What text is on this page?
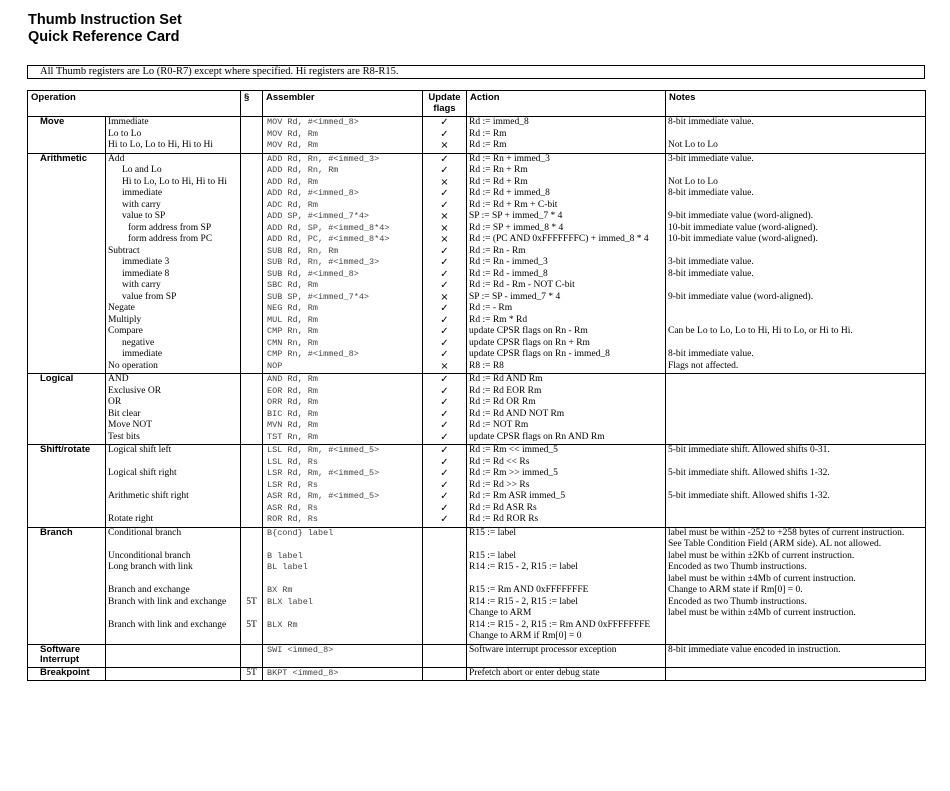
Thumb Instruction Set
Quick Reference Card
All Thumb registers are Lo (R0-R7) except where specified. Hi registers are R8-R15.
Operation		§	Assembler	Update flags	Action	Notes
Move	Immediate		MOV Rd, #<immed_8>	✓	Rd := immed_8	8-bit immediate value.
	Lo to Lo		MOV Rd, Rm	✓	Rd := Rm	
	Hi to Lo, Lo to Hi, Hi to Hi		MOV Rd, Rm	×	Rd := Rm	Not Lo to Lo
Arithmetic	Add		ADD Rd, Rn, #<immed_3>	✓	Rd := Rn + immed_3	3-bit immediate value.
	Lo and Lo		ADD Rd, Rn, Rm	✓	Rd := Rn + Rm	
	Hi to Lo, Lo to Hi, Hi to Hi		ADD Rd, Rm	×	Rd := Rd + Rm	Not Lo to Lo
	immediate		ADD Rd, #<immed_8>	✓	Rd := Rd + immed_8	8-bit immediate value.
	with carry		ADC Rd, Rm	✓	Rd := Rd + Rm + C-bit	
	value to SP		ADD SP, #<immed_7*4>	×	SP := SP + immed_7 * 4	9-bit immediate value (word-aligned).
	form address from SP		ADD Rd, SP, #<immed_8*4>	×	Rd := SP + immed_8 * 4	10-bit immediate value (word-aligned).
	form address from PC		ADD Rd, PC, #<immed_8*4>	×	Rd := (PC AND 0xFFFFFFFC) + immed_8 * 4	10-bit immediate value (word-aligned).
	Subtract		SUB Rd, Rn, Rm	✓	Rd := Rn - Rm	
	immediate 3		SUB Rd, Rn, #<immed_3>	✓	Rd := Rn - immed_3	3-bit immediate value.
	immediate 8		SUB Rd, #<immed_8>	✓	Rd := Rd - immed_8	8-bit immediate value.
	with carry		SBC Rd, Rm	✓	Rd := Rd - Rm - NOT C-bit	
	value from SP		SUB SP, #<immed_7*4>	×	SP := SP - immed_7 * 4	9-bit immediate value (word-aligned).
	Negate		NEG Rd, Rm	✓	Rd := - Rm	
	Multiply		MUL Rd, Rm	✓	Rd := Rm * Rd	
	Compare		CMP Rn, Rm	✓	update CPSR flags on Rn - Rm	Can be Lo to Lo, Lo to Hi, Hi to Lo, or Hi to Hi.
	negative		CMN Rn, Rm	✓	update CPSR flags on Rn + Rm	
	immediate		CMP Rn, #<immed_8>	✓	update CPSR flags on Rn - immed_8	8-bit immediate value.
	No operation		NOP	×	R8 := R8	Flags not affected.
Logical	AND		AND Rd, Rm	✓	Rd := Rd AND Rm	
	Exclusive OR		EOR Rd, Rm	✓	Rd := Rd EOR Rm	
	OR		ORR Rd, Rm	✓	Rd := Rd OR Rm	
	Bit clear		BIC Rd, Rm	✓	Rd := Rd AND NOT Rm	
	Move NOT		MVN Rd, Rm	✓	Rd := NOT Rm	
	Test bits		TST Rn, Rm	✓	update CPSR flags on Rn AND Rm	
Shift/rotate	Logical shift left		LSL Rd, Rm, #<immed_5>	✓	Rd := Rm << immed_5	5-bit immediate shift. Allowed shifts 0-31.
			LSL Rd, Rs	✓	Rd := Rd << Rs	
	Logical shift right		LSR Rd, Rm, #<immed_5>	✓	Rd := Rm >> immed_5	5-bit immediate shift. Allowed shifts 1-32.
			LSR Rd, Rs	✓	Rd := Rd >> Rs	
	Arithmetic shift right		ASR Rd, Rm, #<immed_5>	✓	Rd := Rm ASR immed_5	5-bit immediate shift. Allowed shifts 1-32.
			ASR Rd, Rs	✓	Rd := Rd ASR Rs	
	Rotate right		ROR Rd, Rs	✓	Rd := Rd ROR Rs	
Branch	Conditional branch		B{cond} label		R15 := label	label must be within -252 to +258 bytes of current instruction.
						See Table Condition Field (ARM side). AL not allowed.
	Unconditional branch		B label		R15 := label	label must be within ±2Kb of current instruction.
	Long branch with link		BL label		R14 := R15 - 2, R15 := label	Encoded as two Thumb instructions.
						label must be within ±4Mb of current instruction.
	Branch and exchange		BX Rm		R15 := Rm AND 0xFFFFFFFE	Change to ARM state if Rm[0] = 0.
	Branch with link and exchange	5T	BLX label		R14 := R15 - 2, R15 := label	Encoded as two Thumb instructions.
					Change to ARM	label must be within ±4Mb of current instruction.
	Branch with link and exchange	5T	BLX Rm		R14 := R15 - 2, R15 := Rm AND 0xFFFFFFFE	
					Change to ARM if Rm[0] = 0	
Software Interrupt			SWI <immed_8>		Software interrupt processor exception	8-bit immediate value encoded in instruction.
Breakpoint		5T	BKPT <immed_8>		Prefetch abort or enter debug state	
